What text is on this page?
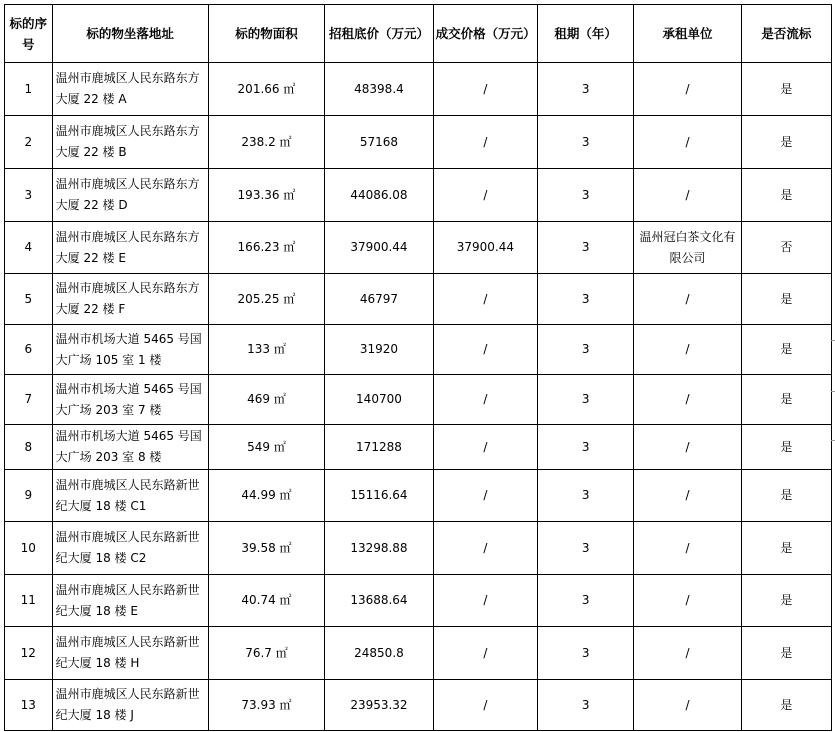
标的序号	标的物坐落地址	标的物面积	招租底价（万元）	成交价格（万元）	租期（年）	承租单位	是否流标
1	温州市鹿城区人民东路东方大厦 22 楼 A	201.66 ㎡	48398.4	/	3	/	是
2	温州市鹿城区人民东路东方大厦 22 楼 B	238.2 ㎡	57168	/	3	/	是
3	温州市鹿城区人民东路东方大厦 22 楼 D	193.36 ㎡	44086.08	/	3	/	是
4	温州市鹿城区人民东路东方大厦 22 楼 E	166.23 ㎡	37900.44	37900.44	3	温州冠白茶文化有限公司	否
5	温州市鹿城区人民东路东方大厦 22 楼 F	205.25 ㎡	46797	/	3	/	是
6	温州市机场大道 5465 号国大广场 105 室 1 楼	133 ㎡	31920	/	3	/	是
7	温州市机场大道 5465 号国大广场 203 室 7 楼	469 ㎡	140700	/	3	/	是
8	温州市机场大道 5465 号国大广场 203 室 8 楼	549 ㎡	171288	/	3	/	是
9	温州市鹿城区人民东路新世纪大厦 18 楼 C1	44.99 ㎡	15116.64	/	3	/	是
10	温州市鹿城区人民东路新世纪大厦 18 楼 C2	39.58 ㎡	13298.88	/	3	/	是
11	温州市鹿城区人民东路新世纪大厦 18 楼 E	40.74 ㎡	13688.64	/	3	/	是
12	温州市鹿城区人民东路新世纪大厦 18 楼 H	76.7 ㎡	24850.8	/	3	/	是
13	温州市鹿城区人民东路新世纪大厦 18 楼 J	73.93 ㎡	23953.32	/	3	/	是
